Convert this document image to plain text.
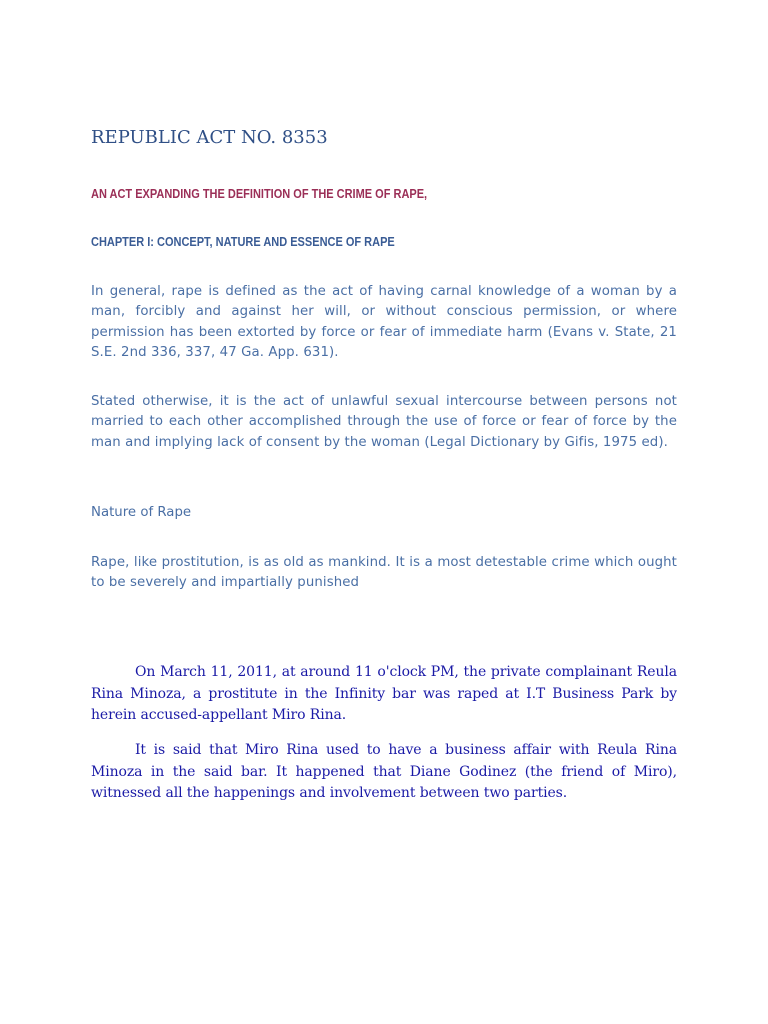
REPUBLIC ACT NO. 8353
AN ACT EXPANDING THE DEFINITION OF THE CRIME OF RAPE,
CHAPTER I: CONCEPT, NATURE AND ESSENCE OF RAPE

In general, rape is defined as the act of having carnal knowledge of a woman by a man, forcibly and against her will, or without conscious permission, or where permission has been extorted by force or fear of immediate harm (Evans v. State, 21 S.E. 2nd 336, 337, 47 Ga. App. 631).

Stated otherwise, it is the act of unlawful sexual intercourse between persons not married to each other accomplished through the use of force or fear of force by the man and implying lack of consent by the woman (Legal Dictionary by Gifis, 1975 ed).

Nature of Rape

Rape, like prostitution, is as old as mankind. It is a most detestable crime which ought to be severely and impartially punished

On March 11, 2011, at around 11 o'clock PM, the private complainant Reula Rina Minoza, a prostitute in the Infinity bar was raped at I.T Business Park by herein accused-appellant Miro Rina.

It is said that Miro Rina used to have a business affair with Reula Rina Minoza in the said bar. It happened that Diane Godinez (the friend of Miro), witnessed all the happenings and involvement between two parties.
